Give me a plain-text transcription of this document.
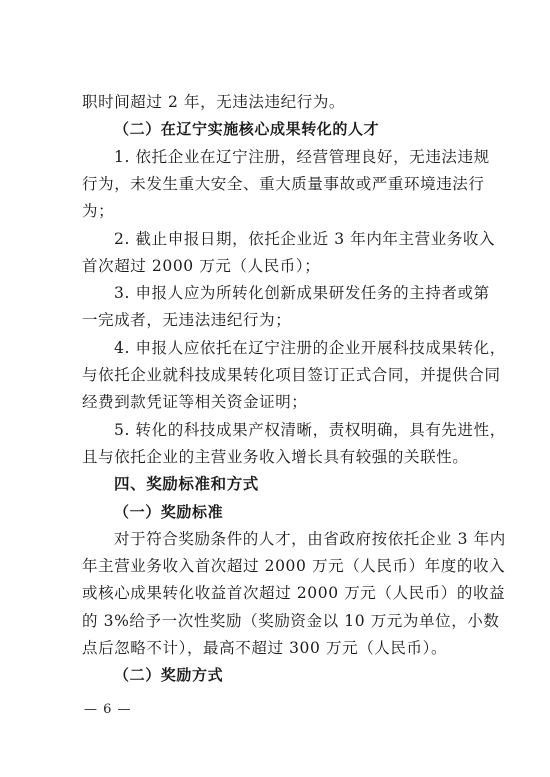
职时间超过 2 年，无违法违纪行为。
（二）在辽宁实施核心成果转化的人才
1. 依托企业在辽宁注册，经营管理良好，无违法违规
行为，未发生重大安全、重大质量事故或严重环境违法行
为；
2. 截止申报日期，依托企业近 3 年内年主营业务收入
首次超过 2000 万元（人民币）；
3. 申报人应为所转化创新成果研发任务的主持者或第
一完成者，无违法违纪行为；
4. 申报人应依托在辽宁注册的企业开展科技成果转化，
与依托企业就科技成果转化项目签订正式合同，并提供合同
经费到款凭证等相关资金证明；
5. 转化的科技成果产权清晰，责权明确，具有先进性，
且与依托企业的主营业务收入增长具有较强的关联性。
四、奖励标准和方式
（一）奖励标准
对于符合奖励条件的人才，由省政府按依托企业 3 年内
年主营业务收入首次超过 2000 万元（人民币）年度的收入
或核心成果转化收益首次超过 2000 万元（人民币）的收益
的 3%给予一次性奖励（奖励资金以 10 万元为单位，小数
点后忽略不计），最高不超过 300 万元（人民币）。
（二）奖励方式
— 6 —
